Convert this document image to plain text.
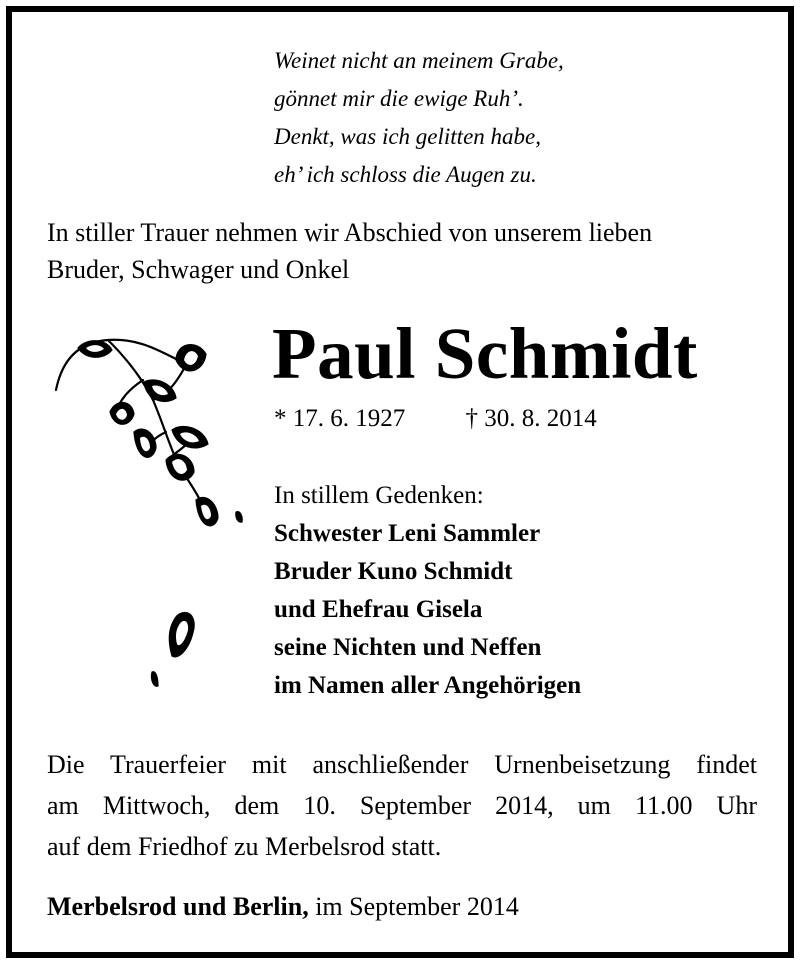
Weinet nicht an meinem Grabe,
gönnet mir die ewige Ruh’.
Denkt, was ich gelitten habe,
eh’ ich schloss die Augen zu.
In stiller Trauer nehmen wir Abschied von unserem lieben
Bruder, Schwager und Onkel
Paul Schmidt
* 17. 6. 1927 † 30. 8. 2014
In stillem Gedenken:
Schwester Leni Sammler
Bruder Kuno Schmidt
und Ehefrau Gisela
seine Nichten und Neffen
im Namen aller Angehörigen
Die Trauerfeier mit anschließender Urnenbeisetzung findet
am Mittwoch, dem 10. September 2014, um 11.00 Uhr
auf dem Friedhof zu Merbelsrod statt.
Merbelsrod und Berlin, im September 2014
